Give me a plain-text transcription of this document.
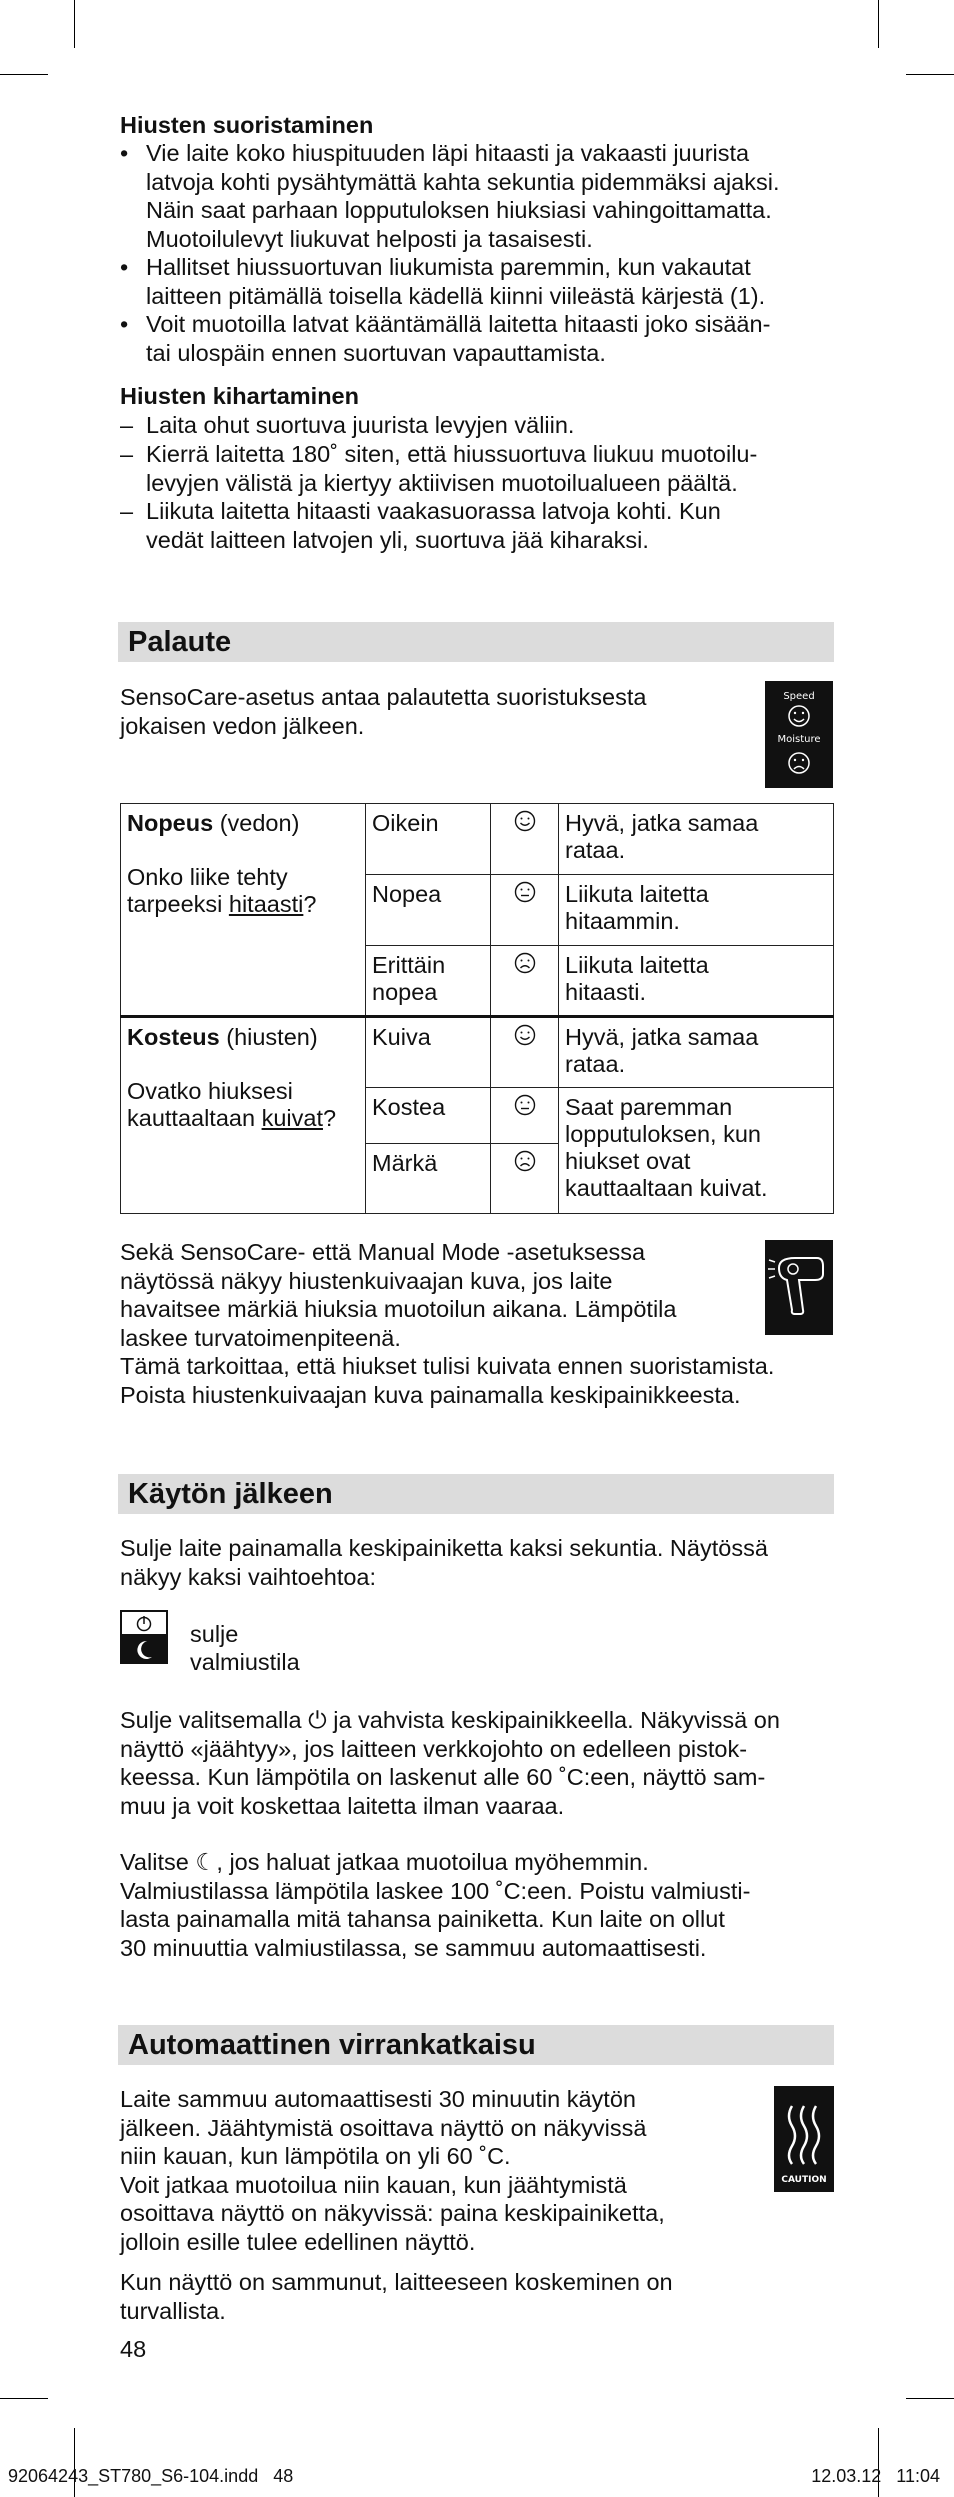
Hiusten suoristaminen
• Vie laite koko hiuspituuden läpi hitaasti ja vakaasti juurista
latvoja kohti pysähtymättä kahta sekuntia pidemmäksi ajaksi.
Näin saat parhaan lopputuloksen hiuksiasi vahingoittamatta.
Muotoilulevyt liukuvat helposti ja tasaisesti.
• Hallitset hiussuortuvan liukumista paremmin, kun vakautat
laitteen pitämällä toisella kädellä kiinni viileästä kärjestä (1).
• Voit muotoilla latvat kääntämällä laitetta hitaasti joko sisään-
tai ulospäin ennen suortuvan vapauttamista.
Hiusten kihartaminen
– Laita ohut suortuva juurista levyjen väliin.
– Kierrä laitetta 180˚ siten, että hiussuortuva liukuu muotoilu-
levyjen välistä ja kiertyy aktiivisen muotoilualueen päältä.
– Liikuta laitetta hitaasti vaakasuorassa latvoja kohti. Kun
vedät laitteen latvojen yli, suortuva jää kiharaksi.
Palaute
SensoCare-asetus antaa palautetta suoristuksesta
jokaisen vedon jälkeen.
Speed
Moisture
Nopeus (vedon)

Onko liike tehty
tarpeeksi hitaasti?	Oikein		Hyvä, jatka samaa
rataa.

	Nopea		Liikuta laitetta
hitaammin.

	Erittäin
nopea		Liikuta laitetta
hitaasti.

Kosteus (hiusten)

Ovatko hiuksesi
kauttaaltaan kuivat?	Kuiva		Hyvä, jatka samaa
rataa.

	Kostea		Saat paremman
lopputuloksen, kun
hiukset ovat
kauttaaltaan kuivat.

	Märkä	
Sekä SensoCare- että Manual Mode -asetuksessa
näytössä näkyy hiustenkuivaajan kuva, jos laite
havaitsee märkiä hiuksia muotoilun aikana. Lämpötila
laskee turvatoimenpiteenä.
Tämä tarkoittaa, että hiukset tulisi kuivata ennen suoristamista.
Poista hiustenkuivaajan kuva painamalla keskipainikkeesta.
Käytön jälkeen
Sulje laite painamalla keskipainiketta kaksi sekuntia. Näytössä
näkyy kaksi vaihtoehtoa:
sulje
valmiustila
Sulje valitsemalla ⏻ ja vahvista keskipainikkeella. Näkyvissä on
näyttö «jäähtyy», jos laitteen verkkojohto on edelleen pistok-
keessa. Kun lämpötila on laskenut alle 60 ˚C:een, näyttö sam-
muu ja voit koskettaa laitetta ilman vaaraa.
Valitse ☾, jos haluat jatkaa muotoilua myöhemmin.
Valmiustilassa lämpötila laskee 100 ˚C:een. Poistu valmiusti-
lasta painamalla mitä tahansa painiketta. Kun laite on ollut
30 minuuttia valmiustilassa, se sammuu automaattisesti.
Automaattinen virrankatkaisu
Laite sammuu automaattisesti 30 minuutin käytön
jälkeen. Jäähtymistä osoittava näyttö on näkyvissä
niin kauan, kun lämpötila on yli 60 ˚C.
Voit jatkaa muotoilua niin kauan, kun jäähtymistä
osoittava näyttö on näkyvissä: paina keskipainiketta,
jolloin esille tulee edellinen näyttö.
CAUTION
Kun näyttö on sammunut, laitteeseen koskeminen on
turvallista.
48
92064243_ST780_S6-104.indd   48	12.03.12   11:04
